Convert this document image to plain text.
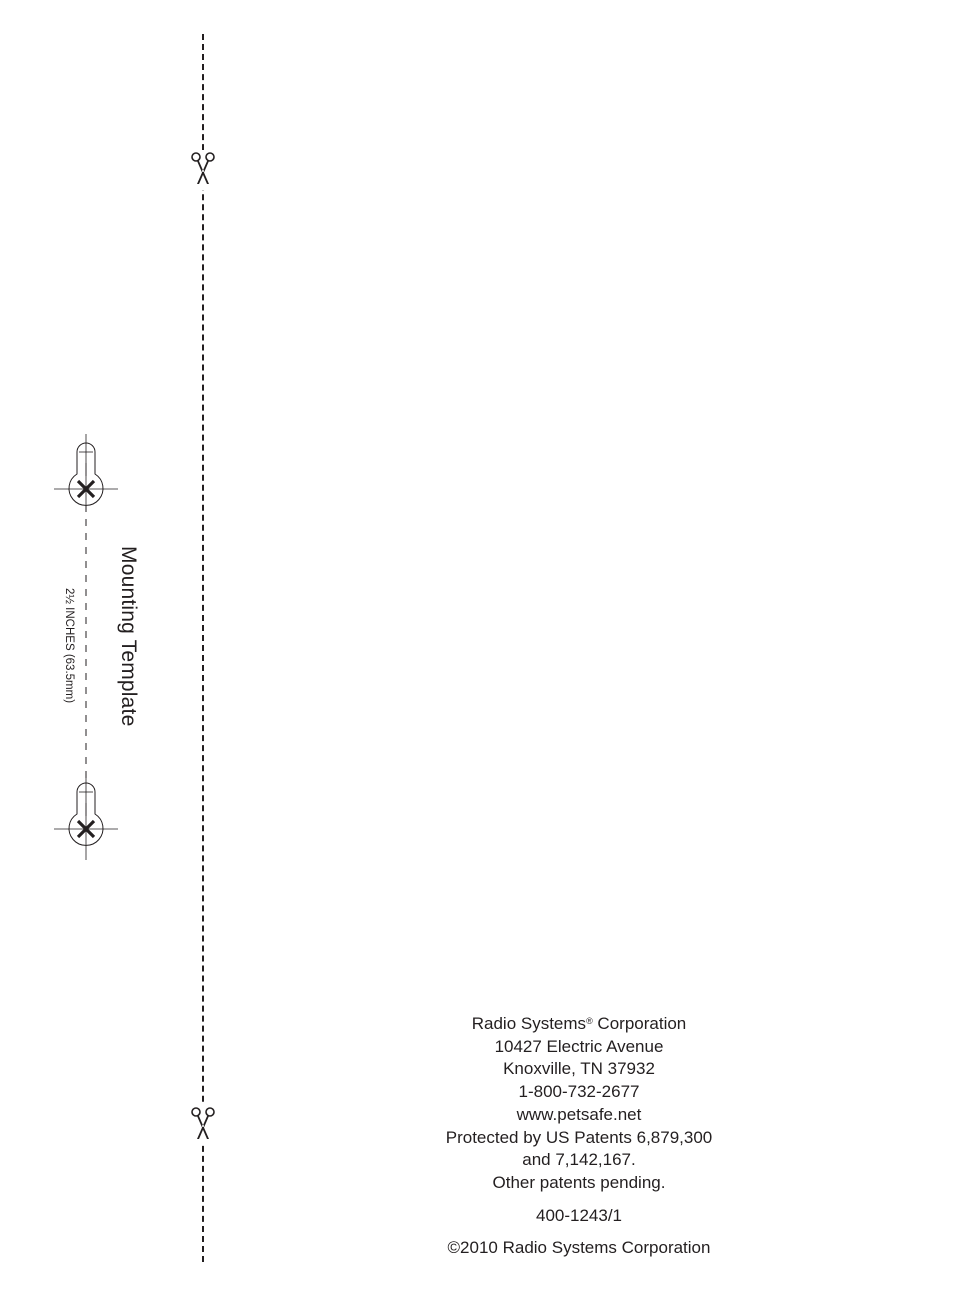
Mounting Template
2½ INCHES (63.5mm)
Radio Systems® Corporation
10427 Electric Avenue
Knoxville, TN 37932
1-800-732-2677
www.petsafe.net
Protected by US Patents 6,879,300
and 7,142,167.
Other patents pending.
400-1243/1
©2010 Radio Systems Corporation
